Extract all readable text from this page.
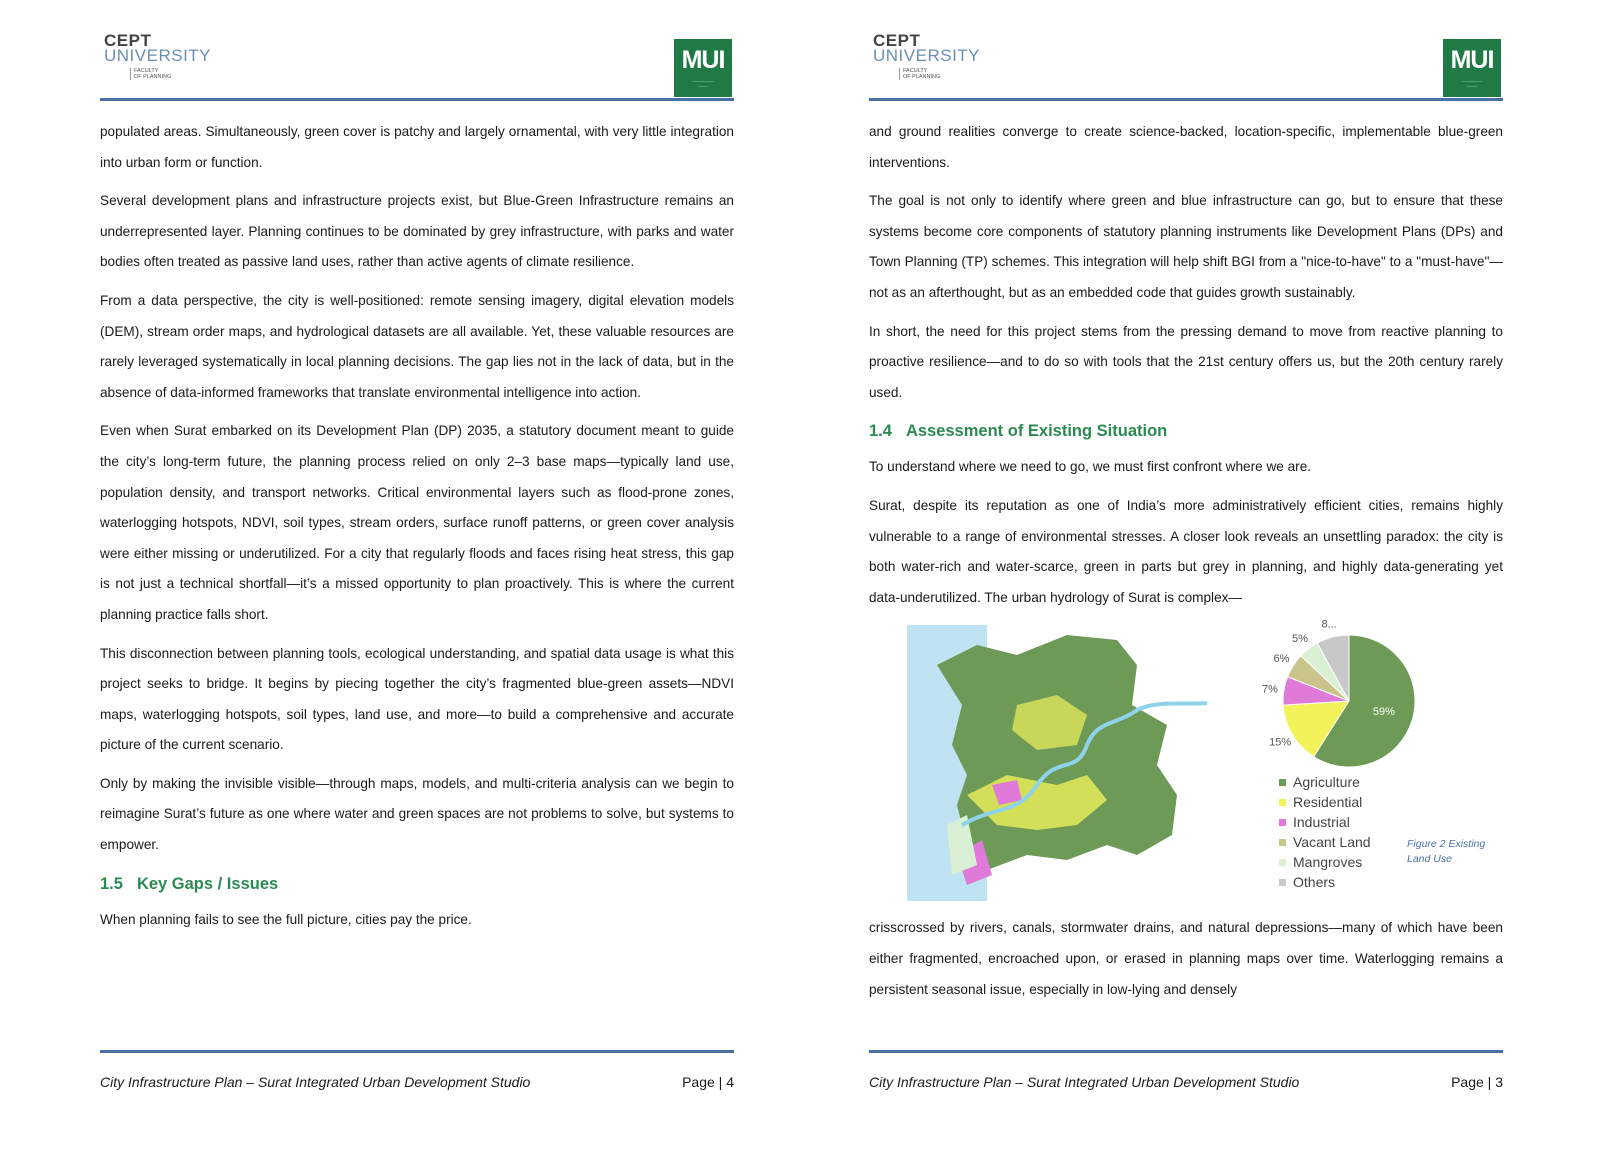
CEPT
UNIVERSITY
FACULTY
OF PLANNING
MUI
——————
———

populated areas. Simultaneously, green cover is patchy and largely ornamental, with very little integration into urban form or function.

Several development plans and infrastructure projects exist, but Blue-Green Infrastructure remains an underrepresented layer. Planning continues to be dominated by grey infrastructure, with parks and water bodies often treated as passive land uses, rather than active agents of climate resilience.

From a data perspective, the city is well-positioned: remote sensing imagery, digital elevation models (DEM), stream order maps, and hydrological datasets are all available. Yet, these valuable resources are rarely leveraged systematically in local planning decisions. The gap lies not in the lack of data, but in the absence of data-informed frameworks that translate environmental intelligence into action.

Even when Surat embarked on its Development Plan (DP) 2035, a statutory document meant to guide the city’s long-term future, the planning process relied on only 2–3 base maps—typically land use, population density, and transport networks. Critical environmental layers such as flood-prone zones, waterlogging hotspots, NDVI, soil types, stream orders, surface runoff patterns, or green cover analysis were either missing or underutilized. For a city that regularly floods and faces rising heat stress, this gap is not just a technical shortfall—it’s a missed opportunity to plan proactively. This is where the current planning practice falls short.

This disconnection between planning tools, ecological understanding, and spatial data usage is what this project seeks to bridge. It begins by piecing together the city’s fragmented blue-green assets—NDVI maps, waterlogging hotspots, soil types, land use, and more—to build a comprehensive and accurate picture of the current scenario.

Only by making the invisible visible—through maps, models, and multi-criteria analysis can we begin to reimagine Surat’s future as one where water and green spaces are not problems to solve, but systems to empower.

1.5 Key Gaps / Issues

When planning fails to see the full picture, cities pay the price.

City Infrastructure Plan – Surat Integrated Urban Development Studio	Page | 4
CEPT
UNIVERSITY
FACULTY
OF PLANNING
MUI
——————
———

and ground realities converge to create science-backed, location-specific, implementable blue-green interventions.

The goal is not only to identify where green and blue infrastructure can go, but to ensure that these systems become core components of statutory planning instruments like Development Plans (DPs) and Town Planning (TP) schemes. This integration will help shift BGI from a "nice-to-have" to a "must-have"—not as an afterthought, but as an embedded code that guides growth sustainably.

In short, the need for this project stems from the pressing demand to move from reactive planning to proactive resilience—and to do so with tools that the 21st century offers us, but the 20th century rarely used.

1.4 Assessment of Existing Situation

To understand where we need to go, we must first confront where we are.

Surat, despite its reputation as one of India’s more administratively efficient cities, remains highly vulnerable to a range of environmental stresses. A closer look reveals an unsettling paradox: the city is both water-rich and water-scarce, green in parts but grey in planning, and highly data-generating yet data-underutilized. The urban hydrology of Surat is complex—

59%
15%
7%
6%
5%
8...
Agriculture
Residential
Industrial
Vacant Land
Mangroves
Others
Figure 2 Existing Land Use

crisscrossed by rivers, canals, stormwater drains, and natural depressions—many of which have been either fragmented, encroached upon, or erased in planning maps over time. Waterlogging remains a persistent seasonal issue, especially in low-lying and densely

City Infrastructure Plan – Surat Integrated Urban Development Studio	Page | 3
